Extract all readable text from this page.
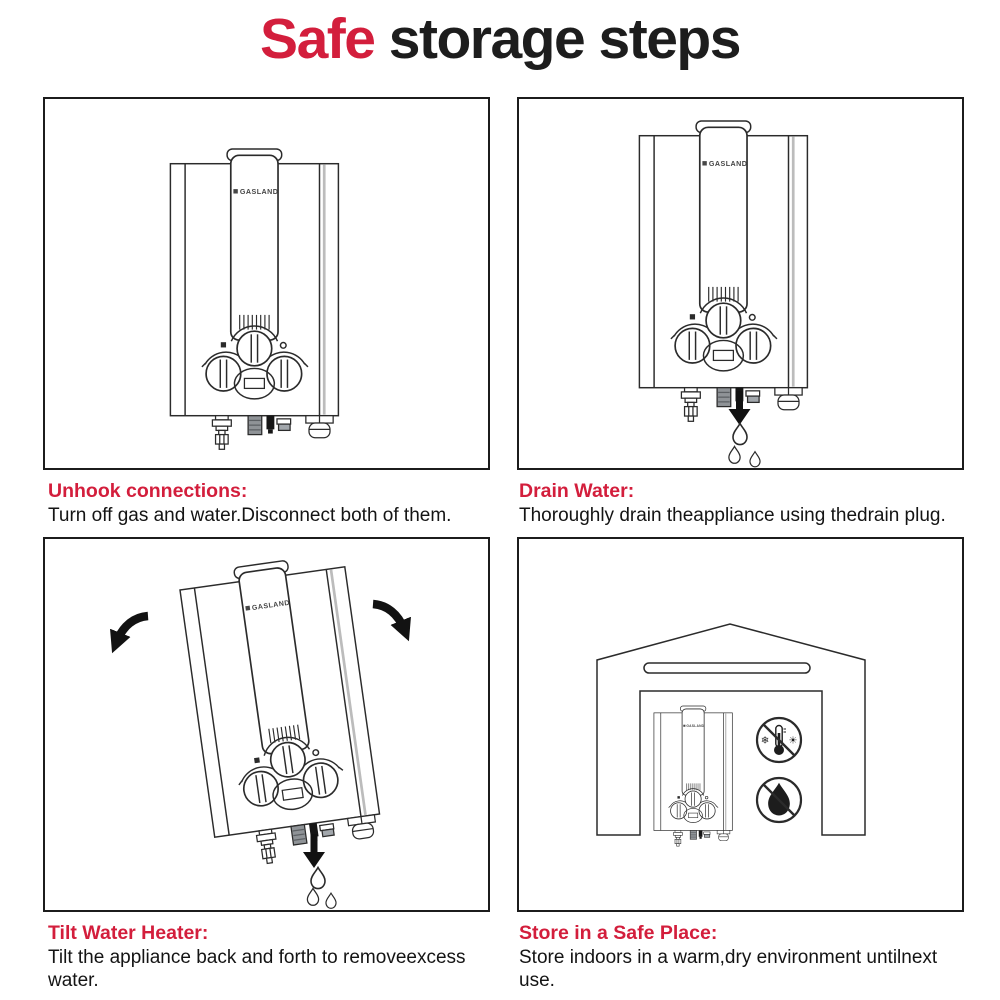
Safe storage steps
❄ ☀
Unhook connections:
Turn off gas and water.Disconnect both of them.
Drain Water:
Thoroughly drain theappliance using thedrain plug.
Tilt Water Heater:
Tilt the appliance back and forth to removeexcess water.
Store in a Safe Place:
Store indoors in a warm,dry environment untilnext use.
